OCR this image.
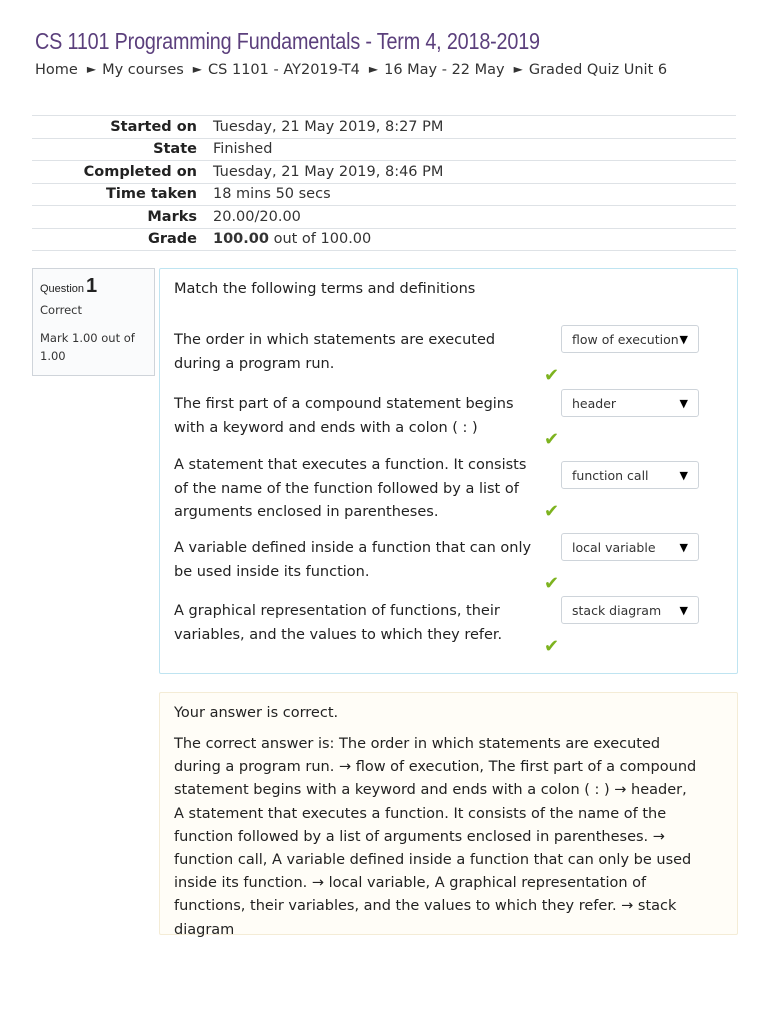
CS 1101 Programming Fundamentals - Term 4, 2018-2019
Home ► My courses ► CS 1101 - AY2019-T4 ► 16 May - 22 May ► Graded Quiz Unit 6
Started on	Tuesday, 21 May 2019, 8:27 PM
State	Finished
Completed on	Tuesday, 21 May 2019, 8:46 PM
Time taken	18 mins 50 secs
Marks	20.00/20.00
Grade	100.00 out of 100.00
Question 1
Correct
Mark 1.00 out of 1.00
Match the following terms and definitions
The order in which statements are executed during a program run.
flow of execution ▼
✔
The first part of a compound statement begins with a keyword and ends with a colon ( : )
header	▼
✔
A statement that executes a function. It consists of the name of the function followed by a list of arguments enclosed in parentheses.
function call	▼
✔
A variable defined inside a function that can only be used inside its function.
local variable ▼
✔
A graphical representation of functions, their variables, and the values to which they refer.
stack diagram ▼
✔
Your answer is correct.
The correct answer is: The order in which statements are executed during a program run. → flow of execution, The first part of a compound statement begins with a keyword and ends with a colon ( : ) → header, A statement that executes a function. It consists of the name of the function followed by a list of arguments enclosed in parentheses. → function call, A variable defined inside a function that can only be used inside its function. → local variable, A graphical representation of functions, their variables, and the values to which they refer. → stack diagram
